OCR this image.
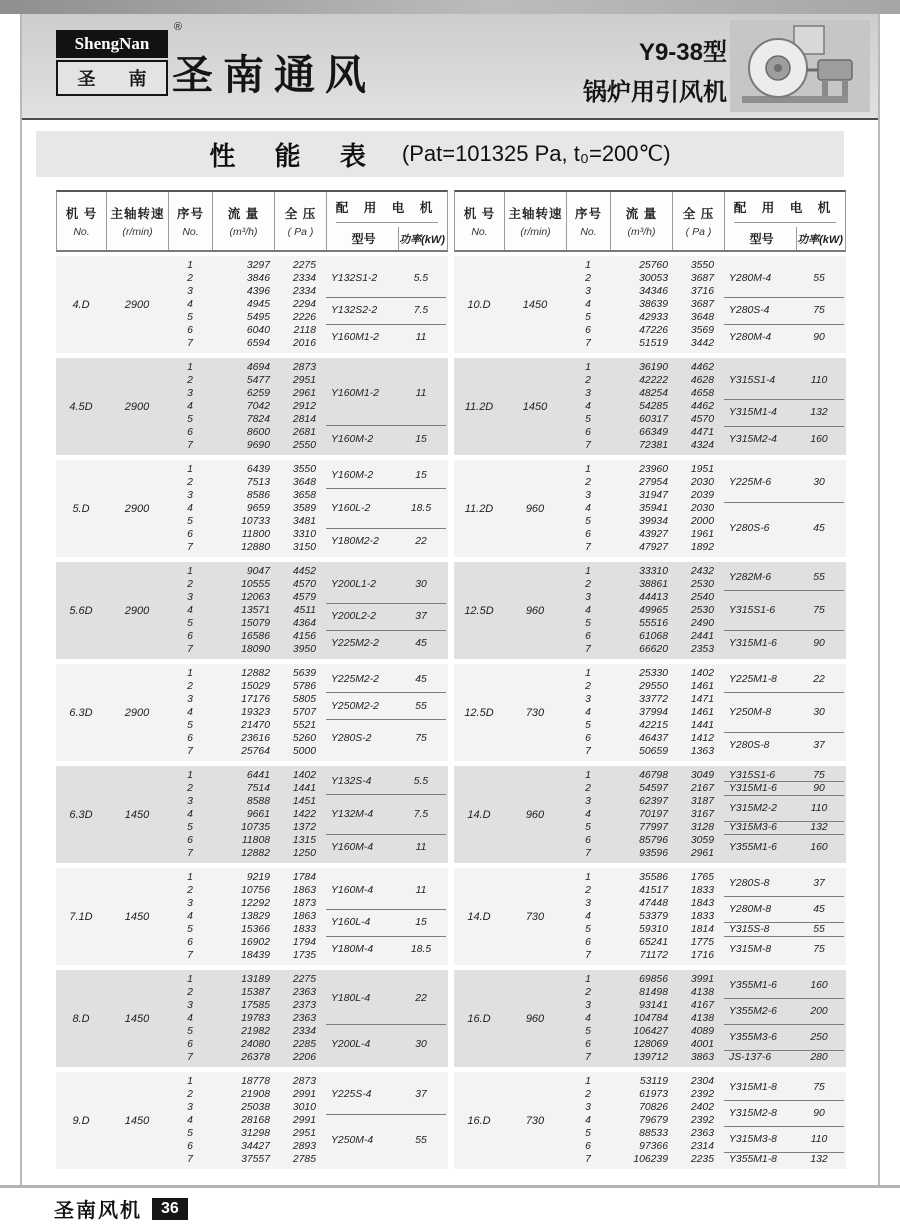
ShengNan
®
圣 南 圣南通风	Y9-38型
锅炉用引风机
性 能 表 (Pat=101325 Pa, t₀=200℃)
机 号
No.
主轴转速
(r/min)
序号
No.
流 量
(m³/h)
全 压
( Pa )
配 用 电 机
型号	功率(kW)
4.D	2900
1	3297	2275
2	3846	2334
3	4396	2334
4	4945	2294
5	5495	2226
6	6040	2118
7	6594	2016
Y132S1-2	5.5
Y132S2-2	7.5
Y160M1-2	11
4.5D	2900
1	4694	2873
2	5477	2951
3	6259	2961
4	7042	2912
5	7824	2814
6	8600	2681
7	9690	2550
Y160M1-2	11
Y160M-2	15
5.D	2900
1	6439	3550
2	7513	3648
3	8586	3658
4	9659	3589
5	10733	3481
6	11800	3310
7	12880	3150
Y160M-2	15
Y160L-2	18.5
Y180M2-2	22
5.6D	2900
1	9047	4452
2	10555	4570
3	12063	4579
4	13571	4511
5	15079	4364
6	16586	4156
7	18090	3950
Y200L1-2	30
Y200L2-2	37
Y225M2-2	45
6.3D	2900
1	12882	5639
2	15029	5786
3	17176	5805
4	19323	5707
5	21470	5521
6	23616	5260
7	25764	5000
Y225M2-2	45
Y250M2-2	55
Y280S-2	75
6.3D	1450
1	6441	1402
2	7514	1441
3	8588	1451
4	9661	1422
5	10735	1372
6	11808	1315
7	12882	1250
Y132S-4	5.5
Y132M-4	7.5
Y160M-4	11
7.1D	1450
1	9219	1784
2	10756	1863
3	12292	1873
4	13829	1863
5	15366	1833
6	16902	1794
7	18439	1735
Y160M-4	11
Y160L-4	15
Y180M-4	18.5
8.D	1450
1	13189	2275
2	15387	2363
3	17585	2373
4	19783	2363
5	21982	2334
6	24080	2285
7	26378	2206
Y180L-4	22
Y200L-4	30
9.D	1450
1	18778	2873
2	21908	2991
3	25038	3010
4	28168	2991
5	31298	2951
6	34427	2893
7	37557	2785
Y225S-4	37
Y250M-4	55
机 号
No.
主轴转速
(r/min)
序号
No.
流 量
(m³/h)
全 压
( Pa )
配 用 电 机
型号	功率(kW)
10.D	1450
1	25760	3550
2	30053	3687
3	34346	3716
4	38639	3687
5	42933	3648
6	47226	3569
7	51519	3442
Y280M-4	55
Y280S-4	75
Y280M-4	90
11.2D	1450
1	36190	4462
2	42222	4628
3	48254	4658
4	54285	4462
5	60317	4570
6	66349	4471
7	72381	4324
Y315S1-4	110
Y315M1-4	132
Y315M2-4	160
11.2D	960
1	23960	1951
2	27954	2030
3	31947	2039
4	35941	2030
5	39934	2000
6	43927	1961
7	47927	1892
Y225M-6	30
Y280S-6	45
12.5D	960
1	33310	2432
2	38861	2530
3	44413	2540
4	49965	2530
5	55516	2490
6	61068	2441
7	66620	2353
Y282M-6	55
Y315S1-6	75
Y315M1-6	90
12.5D	730
1	25330	1402
2	29550	1461
3	33772	1471
4	37994	1461
5	42215	1441
6	46437	1412
7	50659	1363
Y225M1-8	22
Y250M-8	30
Y280S-8	37
14.D	960
1	46798	3049
2	54597	2167
3	62397	3187
4	70197	3167
5	77997	3128
6	85796	3059
7	93596	2961
Y315S1-6	75
Y315M1-6	90
Y315M2-2	110
Y315M3-6	132
Y355M1-6	160
14.D	730
1	35586	1765
2	41517	1833
3	47448	1843
4	53379	1833
5	59310	1814
6	65241	1775
7	71172	1716
Y280S-8	37
Y280M-8	45
Y315S-8	55
Y315M-8	75
16.D	960
1	69856	3991
2	81498	4138
3	93141	4167
4	104784	4138
5	106427	4089
6	128069	4001
7	139712	3863
Y355M1-6	160
Y355M2-6	200
Y355M3-6	250
JS-137-6	280
16.D	730
1	53119	2304
2	61973	2392
3	70826	2402
4	79679	2392
5	88533	2363
6	97366	2314
7	106239	2235
Y315M1-8	75
Y315M2-8	90
Y315M3-8	110
Y355M1-8	132
圣南风机	36
